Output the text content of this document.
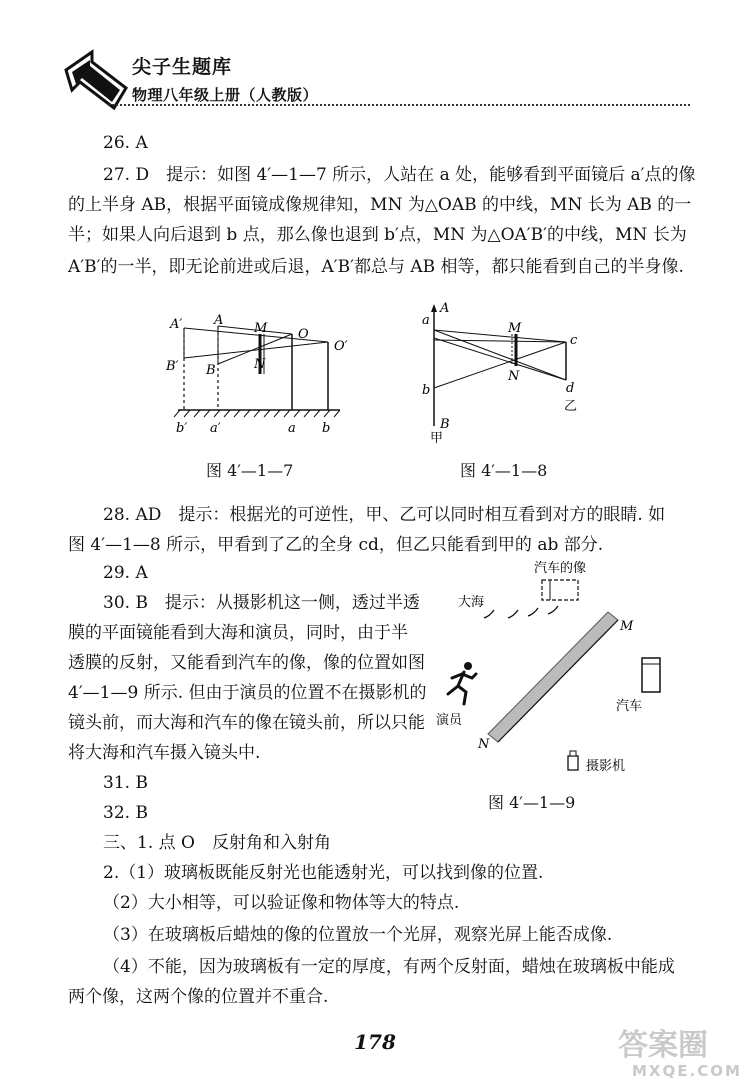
尖子生题库
物理八年级上册（人教版）
26. A
27. D　提示：如图 4′—1—7 所示，人站在 a 处，能够看到平面镜后 a′点的像
的上半身 AB，根据平面镜成像规律知，MN 为△OAB 的中线，MN 长为 AB 的一
半；如果人向后退到 b 点，那么像也退到 b′点，MN 为△OA′B′的中线，MN 长为
A′B′的一半，即无论前进或后退，A′B′都总与 AB 相等，都只能看到自己的半身像.
A′ A
M O
O′
B′ B	N
b′ a′	a b
图 4′—1—7
A
a
M
c
N
b	d
B
乙
甲
图 4′—1—8
28. AD　提示：根据光的可逆性，甲、乙可以同时相互看到对方的眼睛. 如
图 4′—1—8 所示，甲看到了乙的全身 cd，但乙只能看到甲的 ab 部分.
29. A
30. B　提示：从摄影机这一侧，透过半透
膜的平面镜能看到大海和演员，同时，由于半
透膜的反射，又能看到汽车的像，像的位置如图
4′—1—9 所示. 但由于演员的位置不在摄影机的
镜头前，而大海和汽车的像在镜头前，所以只能
将大海和汽车摄入镜头中.
汽车的像
大海
演员
汽车
摄影机
M
N
图 4′—1—9
31. B
32. B
三、1. 点 O　反射角和入射角
2.（1）玻璃板既能反射光也能透射光，可以找到像的位置.
（2）大小相等，可以验证像和物体等大的特点.
（3）在玻璃板后蜡烛的像的位置放一个光屏，观察光屏上能否成像.
（4）不能，因为玻璃板有一定的厚度，有两个反射面，蜡烛在玻璃板中能成
两个像，这两个像的位置并不重合.
178	答案圈
MXQE.COM
